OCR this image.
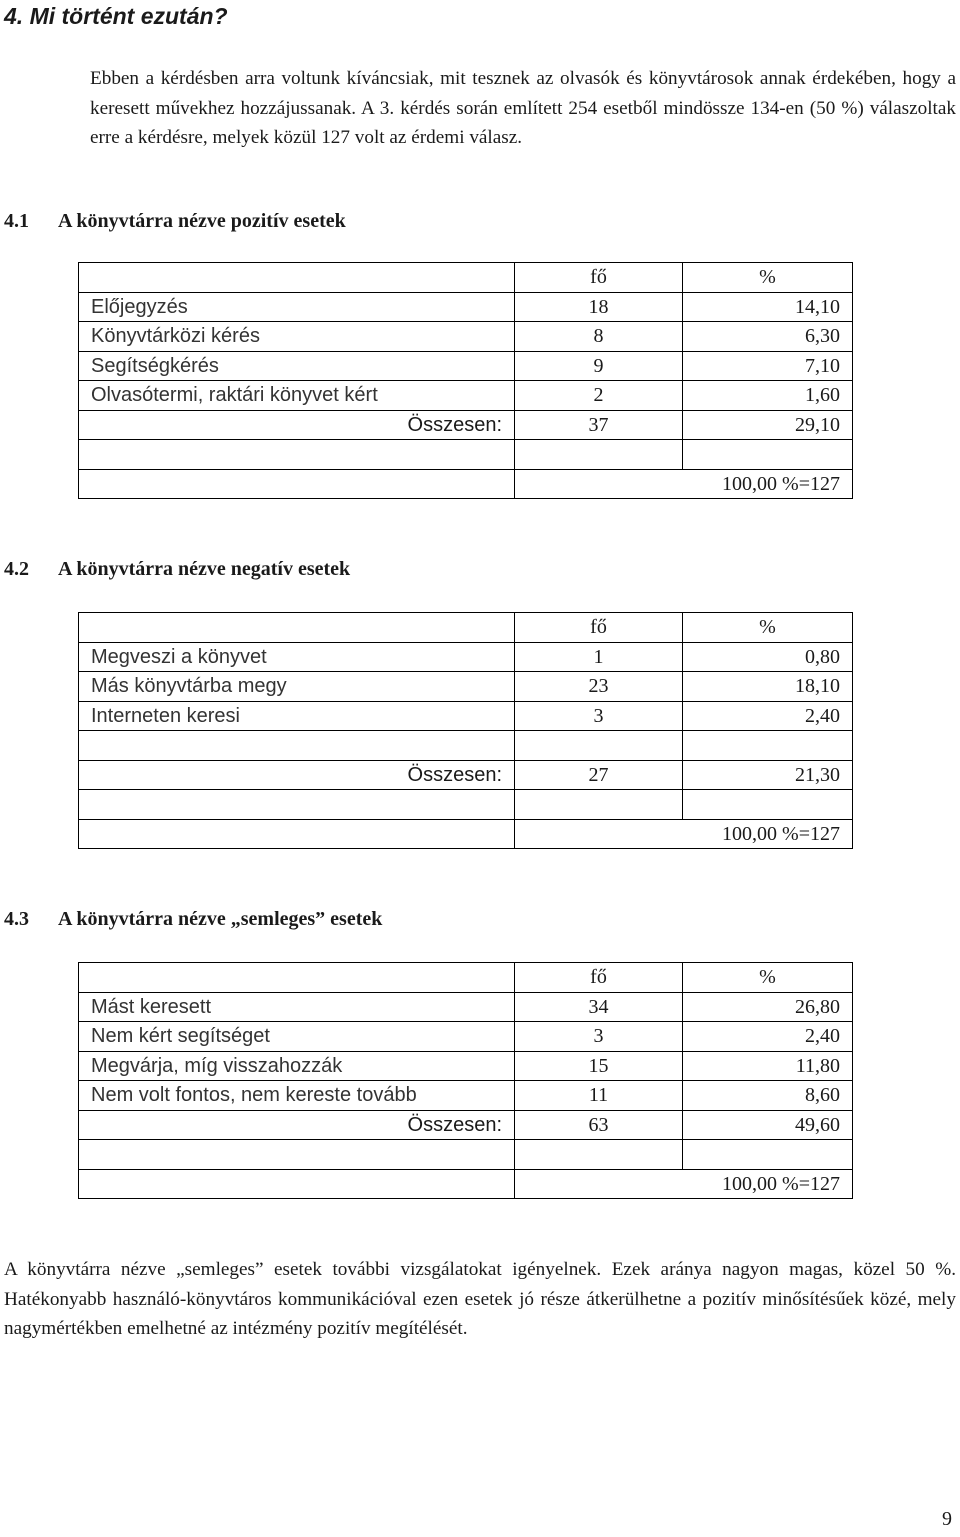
4. Mi történt ezután?

Ebben a kérdésben arra voltunk kíváncsiak, mit tesznek az olvasók és könyvtárosok annak érdekében, hogy a keresett művekhez hozzájussanak. A 3. kérdés során említett 254 esetből mindössze 134-en (50 %) válaszoltak erre a kérdésre, melyek közül 127 volt az érdemi válasz.

4.1 A könyvtárra nézve pozitív esetek
	fő	%
Előjegyzés	18	14,10
Könyvtárközi kérés	8	6,30
Segítségkérés	9	7,10
Olvasótermi, raktári könyvet kért	2	1,60
Összesen:	37	29,10

	100,00 %=127	
4.2 A könyvtárra nézve negatív esetek
	fő	%
Megveszi a könyvet	1	0,80
Más könyvtárba megy	23	18,10
Interneten keresi	3	2,40

Összesen:	27	21,30

	100,00 %=127	
4.3 A könyvtárra nézve „semleges” esetek
	fő	%
Mást keresett	34	26,80
Nem kért segítséget	3	2,40
Megvárja, míg visszahozzák	15	11,80
Nem volt fontos, nem kereste tovább	11	8,60
Összesen:	63	49,60

	100,00 %=127	

A könyvtárra nézve „semleges” esetek további vizsgálatokat igényelnek. Ezek aránya nagyon magas, közel 50 %. Hatékonyabb használó-könyvtáros kommunikációval ezen esetek jó része átkerülhetne a pozitív minősítésűek közé, mely nagymértékben emelhetné az intézmény pozitív megítélését.

9
